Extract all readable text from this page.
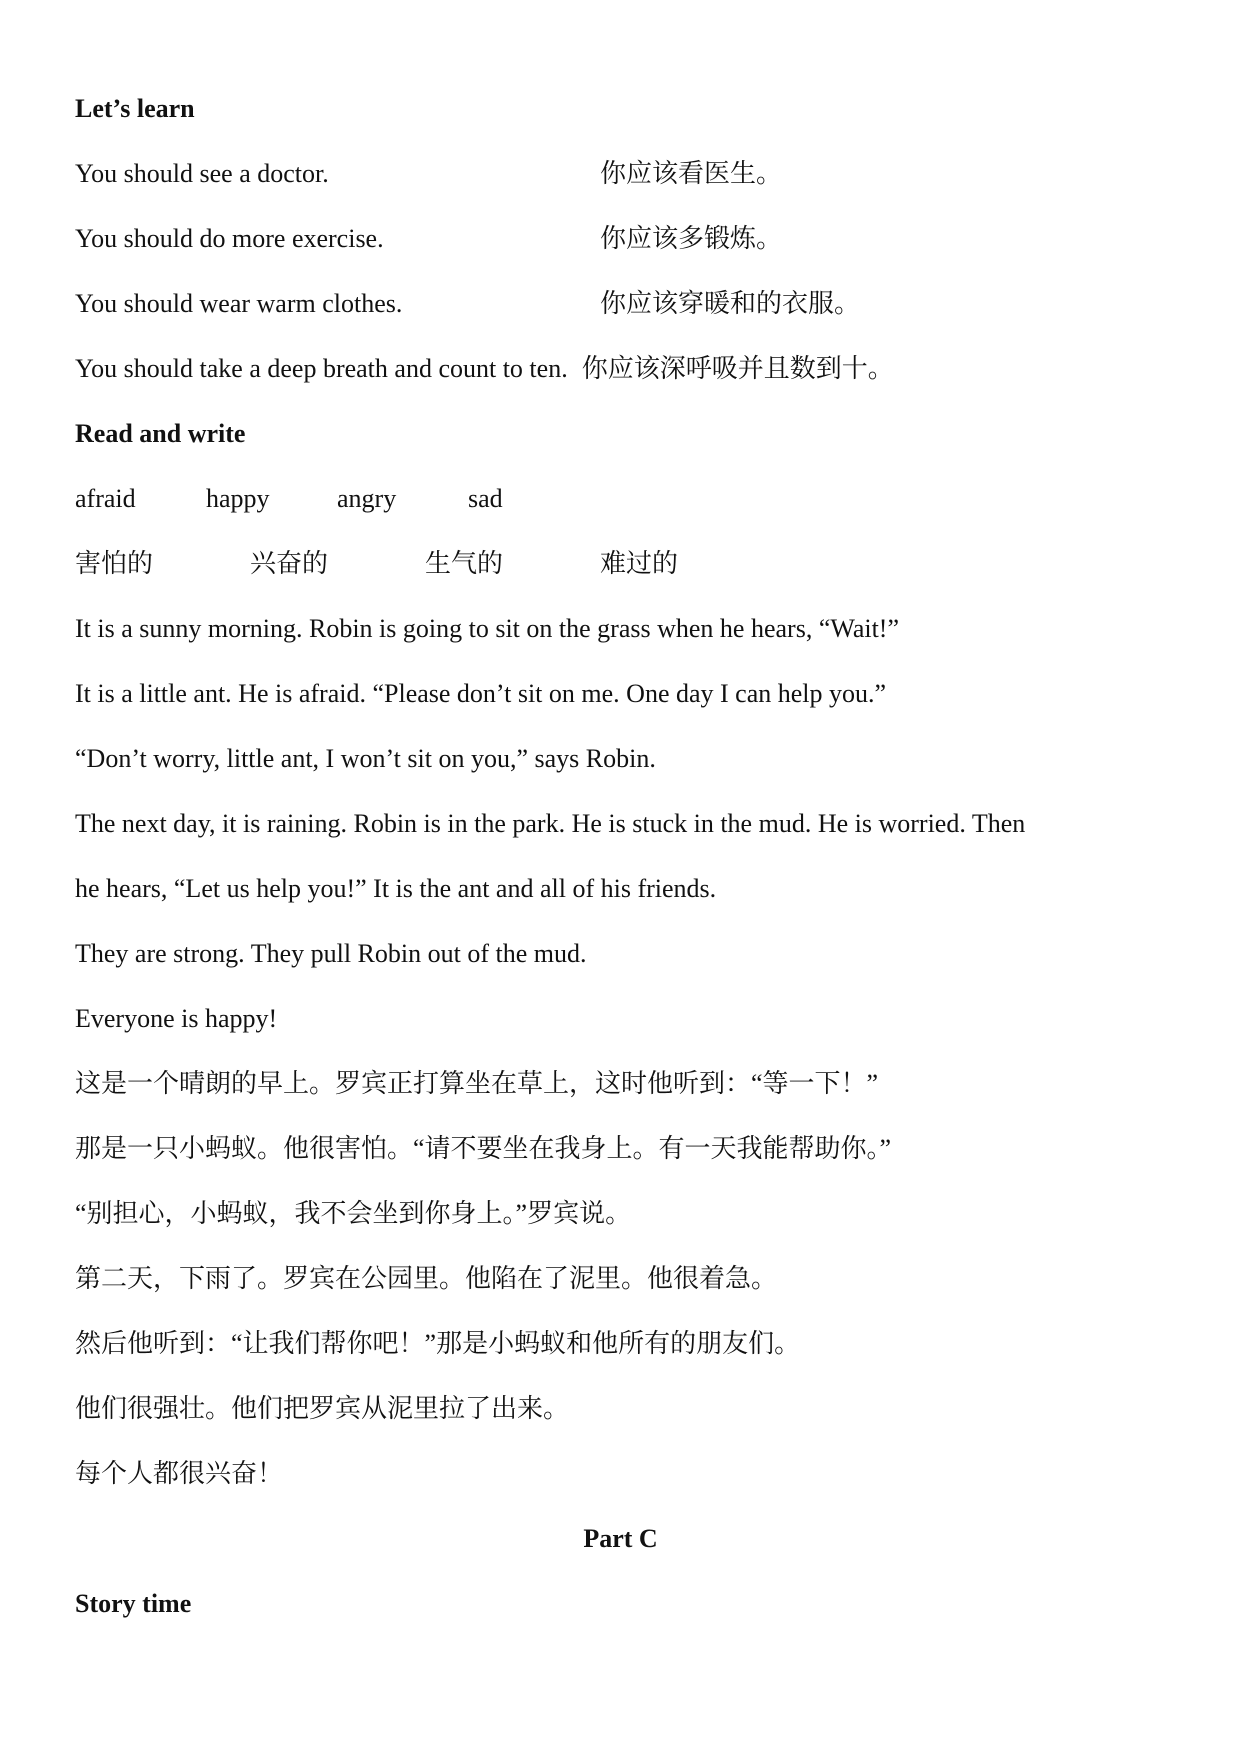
Let’s learn
You should see a doctor.	你应该看医生。
You should do more exercise.	你应该多锻炼。
You should wear warm clothes.	你应该穿暖和的衣服。
You should take a deep breath and count to ten. 你应该深呼吸并且数到十。
Read and write
afraid	happy	angry	sad
害怕的	兴奋的	生气的	难过的
It is a sunny morning. Robin is going to sit on the grass when he hears, “Wait!”
It is a little ant. He is afraid. “Please don’t sit on me. One day I can help you.”
“Don’t worry, little ant, I won’t sit on you,” says Robin.
The next day, it is raining. Robin is in the park. He is stuck in the mud. He is worried. Then
he hears, “Let us help you!” It is the ant and all of his friends.
They are strong. They pull Robin out of the mud.
Everyone is happy!
这是一个晴朗的早上。罗宾正打算坐在草上，这时他听到：“等一下！”
那是一只小蚂蚁。他很害怕。“请不要坐在我身上。有一天我能帮助你。”
“别担心，小蚂蚁，我不会坐到你身上。”罗宾说。
第二天，下雨了。罗宾在公园里。他陷在了泥里。他很着急。
然后他听到：“让我们帮你吧！”那是小蚂蚁和他所有的朋友们。
他们很强壮。他们把罗宾从泥里拉了出来。
每个人都很兴奋！
Part C
Story time
